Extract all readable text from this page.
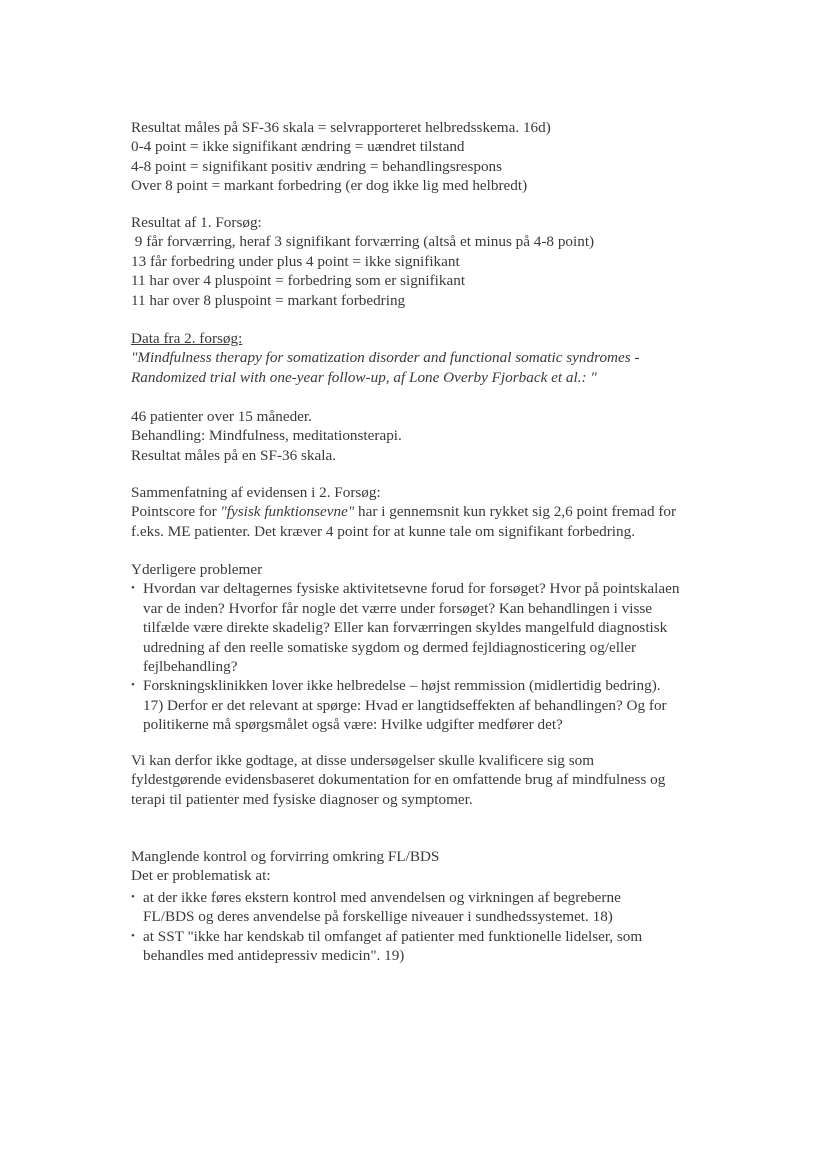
Resultat måles på SF-36 skala = selvrapporteret helbredsskema. 16d)
0-4 point = ikke signifikant ændring = uændret tilstand
4-8 point = signifikant positiv ændring = behandlingsrespons
Over 8 point = markant forbedring (er dog ikke lig med helbredt)
Resultat af 1. Forsøg:
9 får forværring, heraf 3 signifikant forværring (altså et minus på 4-8 point)
13 får forbedring under plus 4 point = ikke signifikant
11 har over 4 pluspoint = forbedring som er signifikant
11 har over 8 pluspoint = markant forbedring
Data fra 2. forsøg:
"Mindfulness therapy for somatization disorder and functional somatic syndromes -
Randomized trial with one-year follow-up, af Lone Overby Fjorback et al.: "
46 patienter over 15 måneder.
Behandling: Mindfulness, meditationsterapi.
Resultat måles på en SF-36 skala.
Sammenfatning af evidensen i 2. Forsøg:
Pointscore for "fysisk funktionsevne" har i gennemsnit kun rykket sig 2,6 point fremad for
f.eks. ME patienter. Det kræver 4 point for at kunne tale om signifikant forbedring.
Yderligere problemer
• Hvordan var deltagernes fysiske aktivitetsevne forud for forsøget? Hvor på pointskalaen
var de inden? Hvorfor får nogle det værre under forsøget? Kan behandlingen i visse
tilfælde være direkte skadelig? Eller kan forværringen skyldes mangelfuld diagnostisk
udredning af den reelle somatiske sygdom og dermed fejldiagnosticering og/eller
fejlbehandling?
• Forskningsklinikken lover ikke helbredelse – højst remmission (midlertidig bedring).
17) Derfor er det relevant at spørge: Hvad er langtidseffekten af behandlingen? Og for
politikerne må spørgsmålet også være: Hvilke udgifter medfører det?
Vi kan derfor ikke godtage, at disse undersøgelser skulle kvalificere sig som
fyldestgørende evidensbaseret dokumentation for en omfattende brug af mindfulness og
terapi til patienter med fysiske diagnoser og symptomer.
Manglende kontrol og forvirring omkring FL/BDS
Det er problematisk at:
• at der ikke føres ekstern kontrol med anvendelsen og virkningen af begreberne
FL/BDS og deres anvendelse på forskellige niveauer i sundhedssystemet. 18)
• at SST "ikke har kendskab til omfanget af patienter med funktionelle lidelser, som
behandles med antidepressiv medicin". 19)
